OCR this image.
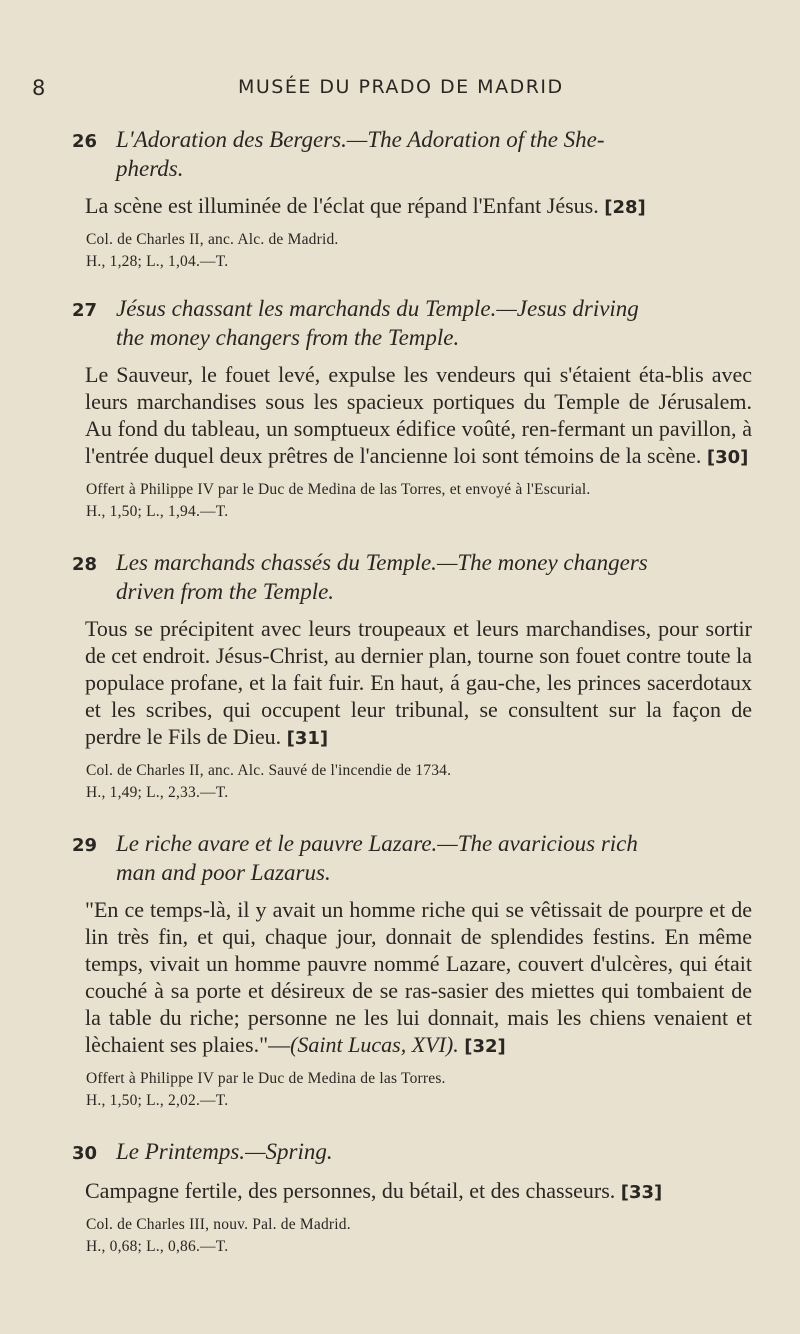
8	MUSÉE DU PRADO DE MADRID

26 L'Adoration des Bergers.—The Adoration of the She-
pherds.

La scène est illuminée de l'éclat que répand l'Enfant Jésus. [28]

Col. de Charles II, anc. Alc. de Madrid.
H., 1,28; L., 1,04.—T.

27 Jésus chassant les marchands du Temple.—Jesus driving
the money changers from the Temple.

Le Sauveur, le fouet levé, expulse les vendeurs qui s'étaient éta-blis avec leurs marchandises sous les spacieux portiques du Temple de Jérusalem. Au fond du tableau, un somptueux édifice voûté, ren-fermant un pavillon, à l'entrée duquel deux prêtres de l'ancienne loi sont témoins de la scène. [30]

Offert à Philippe IV par le Duc de Medina de las Torres, et envoyé à l'Escurial.
H., 1,50; L., 1,94.—T.

28 Les marchands chassés du Temple.—The money changers
driven from the Temple.

Tous se précipitent avec leurs troupeaux et leurs marchandises, pour sortir de cet endroit. Jésus-Christ, au dernier plan, tourne son fouet contre toute la populace profane, et la fait fuir. En haut, á gau-che, les princes sacerdotaux et les scribes, qui occupent leur tribunal, se consultent sur la façon de perdre le Fils de Dieu. [31]

Col. de Charles II, anc. Alc. Sauvé de l'incendie de 1734.
H., 1,49; L., 2,33.—T.

29 Le riche avare et le pauvre Lazare.—The avaricious rich
man and poor Lazarus.

"En ce temps-là, il y avait un homme riche qui se vêtissait de pourpre et de lin très fin, et qui, chaque jour, donnait de splendides festins. En même temps, vivait un homme pauvre nommé Lazare, couvert d'ulcères, qui était couché à sa porte et désireux de se ras-sasier des miettes qui tombaient de la table du riche; personne ne les lui donnait, mais les chiens venaient et lèchaient ses plaies."—(Saint Lucas, XVI). [32]

Offert à Philippe IV par le Duc de Medina de las Torres.
H., 1,50; L., 2,02.—T.

30 Le Printemps.—Spring.

Campagne fertile, des personnes, du bétail, et des chasseurs. [33]

Col. de Charles III, nouv. Pal. de Madrid.
H., 0,68; L., 0,86.—T.
